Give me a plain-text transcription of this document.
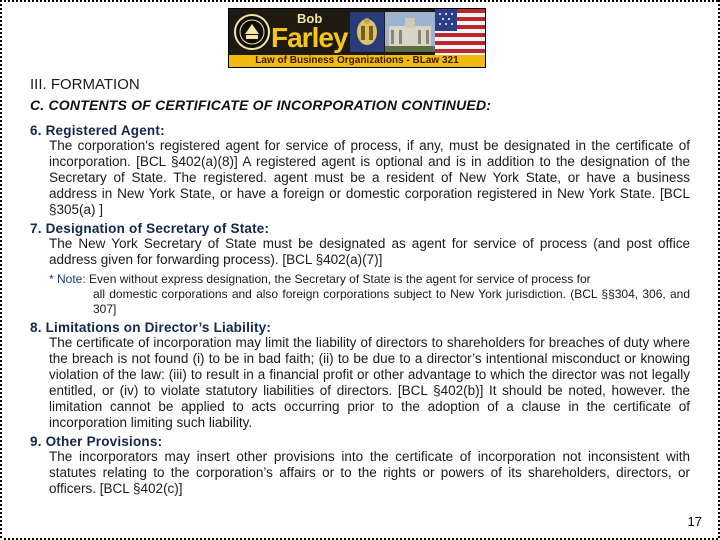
Bob
Farley
Law of Business Organizations - BLaw 321
III. FORMATION
C. CONTENTS OF CERTIFICATE OF INCORPORATION CONTINUED:
6. Registered Agent:
The corporation's registered agent for service of process, if any, must be designated in the certificate of incorporation. [BCL §402(a)(8)] A registered agent is optional and is in addition to the designation of the Secretary of State. The registered. agent must be a resident of New York State, or have a business address in New York State, or have a foreign or domestic corporation registered in New York State. [BCL §305(a) ]
7. Designation of Secretary of State:
The New York Secretary of State must be designated as agent for service of process (and post office address given for forwarding process). [BCL §402(a)(7)]
* Note: Even without express designation, the Secretary of State is the agent for service of process for
all domestic corporations and also foreign corporations subject to New York jurisdiction. (BCL §§304, 306, and 307]
8. Limitations on Director’s Liability:
The certificate of incorporation may limit the liability of directors to shareholders for breaches of duty where the breach is not found (i) to be in bad faith; (ii) to be due to a director’s intentional misconduct or knowing violation of the law: (iii) to result in a financial profit or other advantage to which the director was not legally entitled, or (iv) to violate statutory liabilities of directors. [BCL §402(b)] It should be noted, however. the limitation cannot be applied to acts occurring prior to the adoption of a clause in the certificate of incorporation limiting such liability.
9. Other Provisions:
The incorporators may insert other provisions into the certificate of incorporation not inconsistent with statutes relating to the corporation’s affairs or to the rights or powers of its shareholders, directors, or officers. [BCL §402(c)]
17
